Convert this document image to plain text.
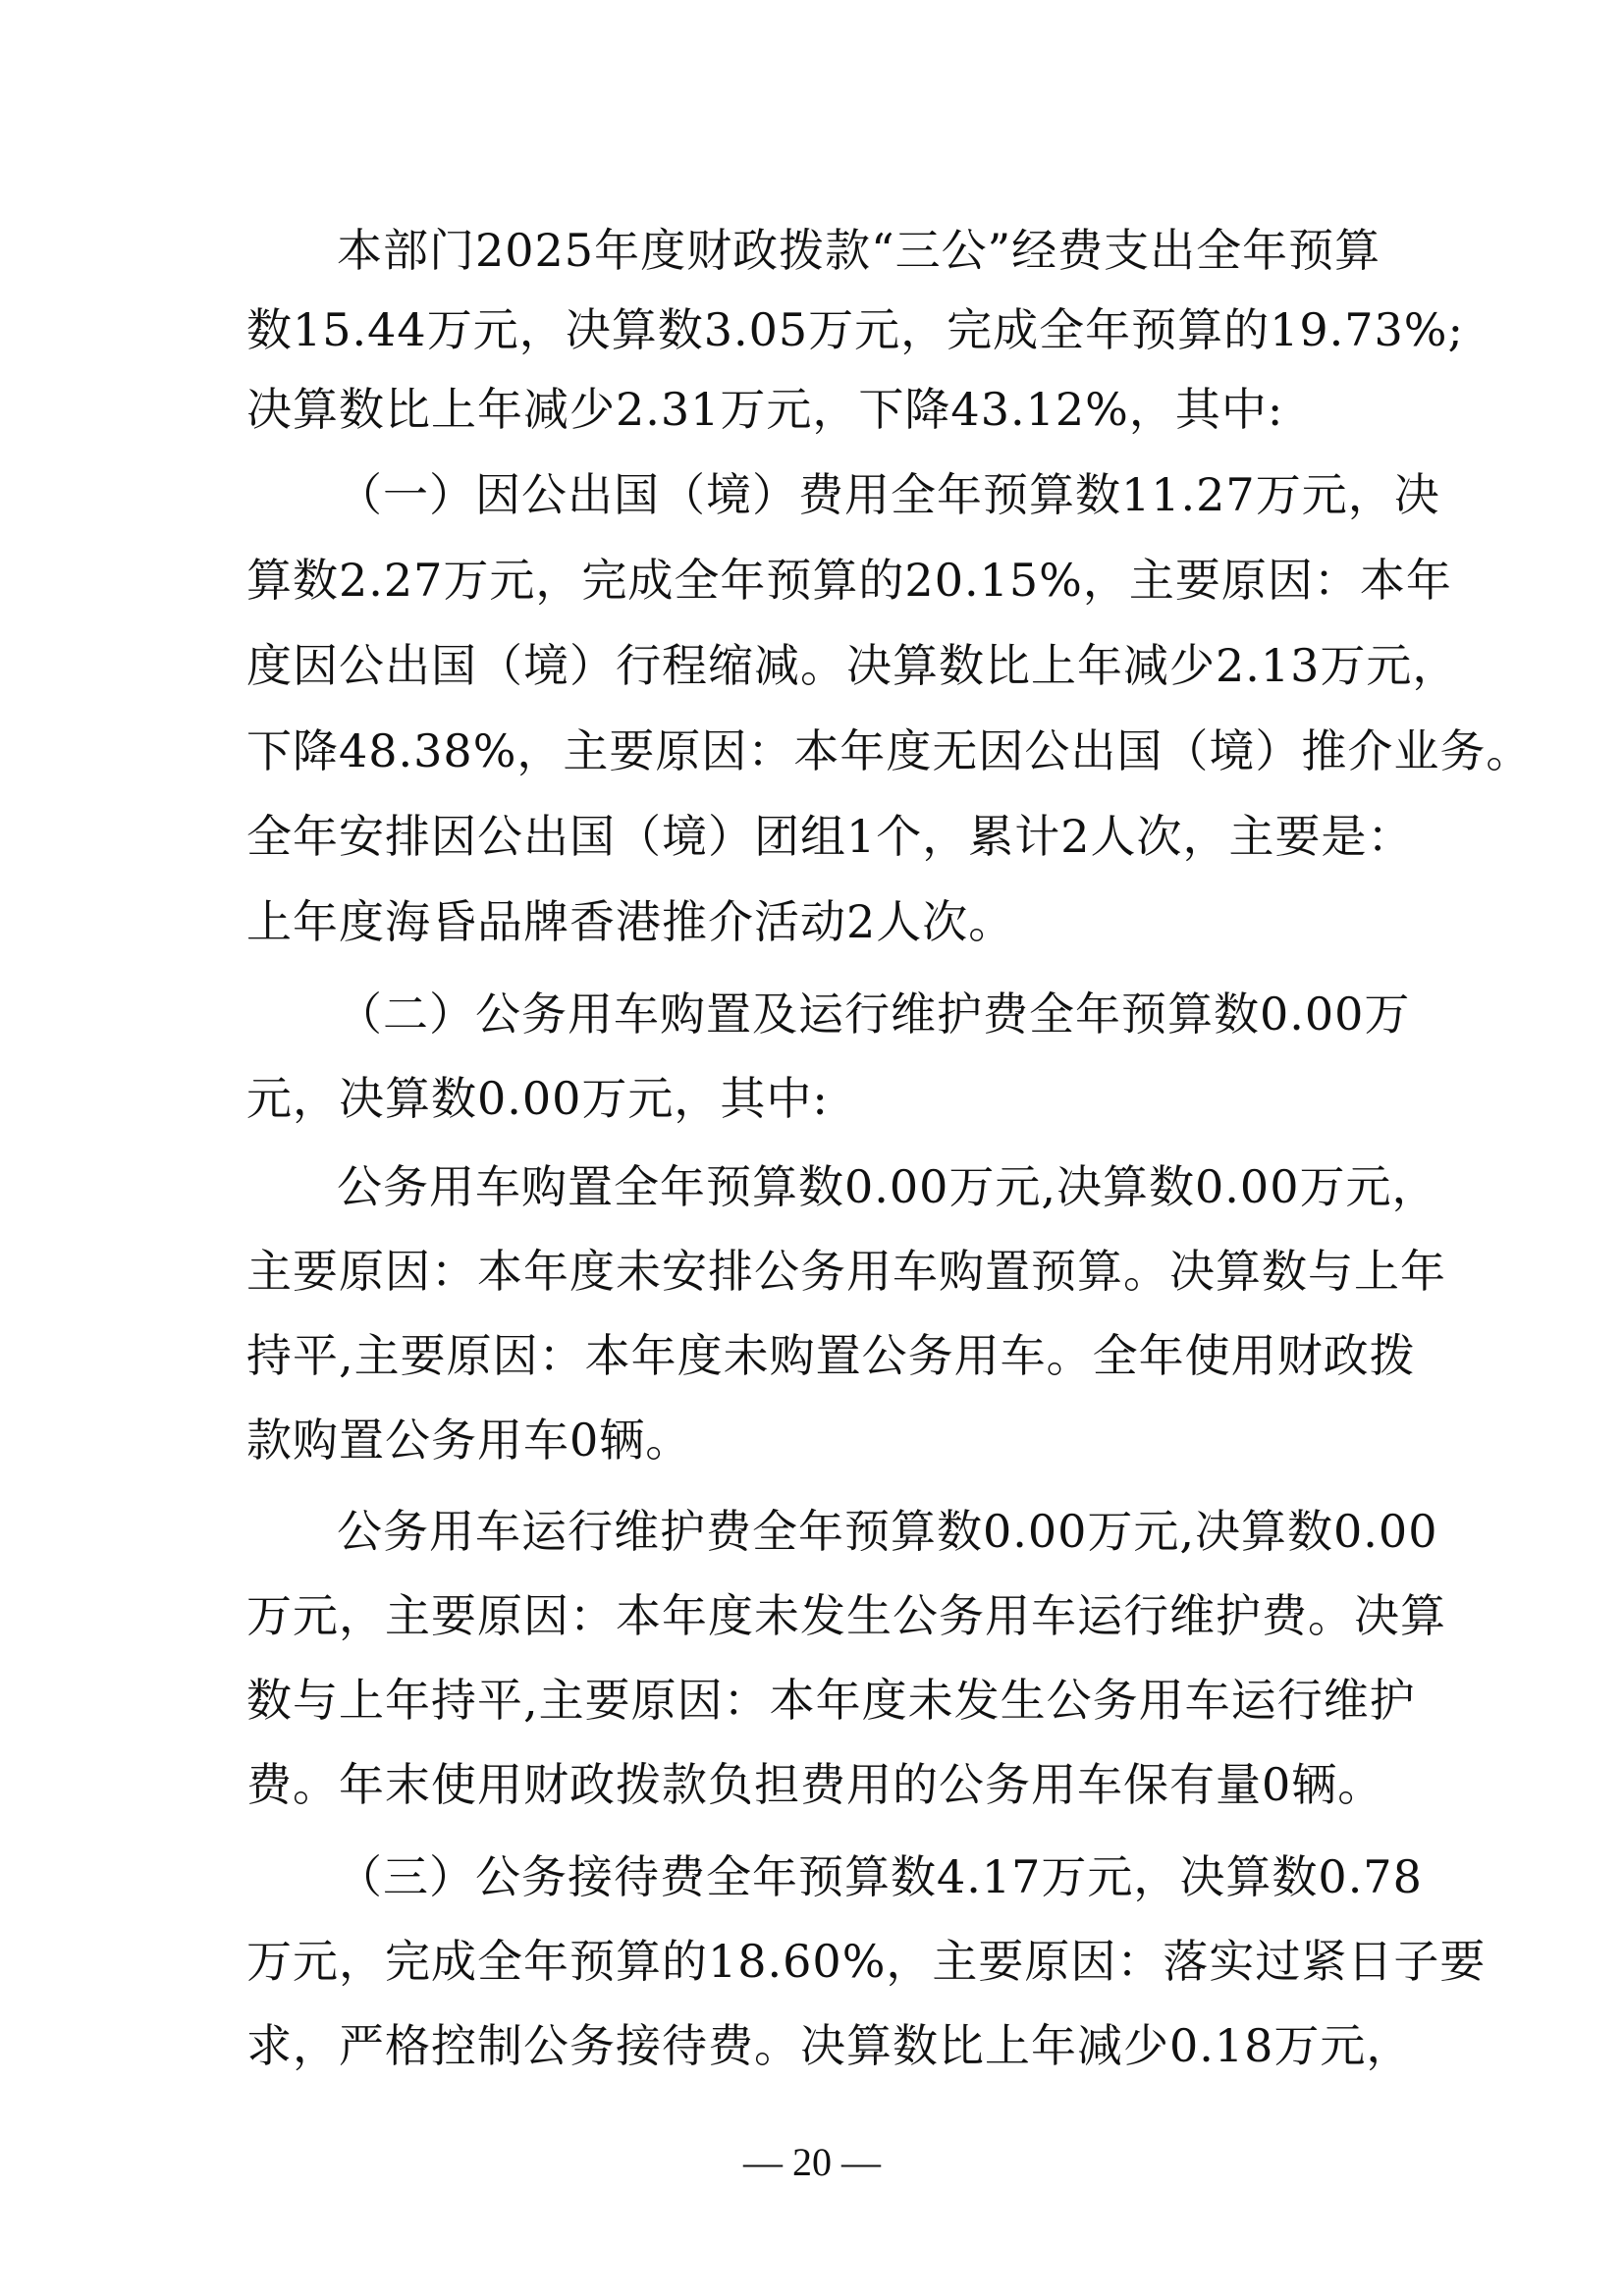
本部门2025年度财政拨款“三公”经费支出全年预算
数15.44万元，决算数3.05万元，完成全年预算的19.73%;
决算数比上年减少2.31万元，下降43.12%，其中:
（一）因公出国（境）费用全年预算数11.27万元，决
算数2.27万元，完成全年预算的20.15%，主要原因：本年
度因公出国（境）行程缩减。决算数比上年减少2.13万元，
下降48.38%，主要原因：本年度无因公出国（境）推介业务。
全年安排因公出国（境）团组1个，累计2人次，主要是：
上年度海昏品牌香港推介活动2人次。
（二）公务用车购置及运行维护费全年预算数0.00万
元，决算数0.00万元，其中:
公务用车购置全年预算数0.00万元,决算数0.00万元，
主要原因：本年度未安排公务用车购置预算。决算数与上年
持平,主要原因：本年度未购置公务用车。全年使用财政拨
款购置公务用车0辆。
公务用车运行维护费全年预算数0.00万元,决算数0.00
万元，主要原因：本年度未发生公务用车运行维护费。决算
数与上年持平,主要原因：本年度未发生公务用车运行维护
费。年末使用财政拨款负担费用的公务用车保有量0辆。
（三）公务接待费全年预算数4.17万元，决算数0.78
万元，完成全年预算的18.60%，主要原因：落实过紧日子要
求，严格控制公务接待费。决算数比上年减少0.18万元，
— 20 —
